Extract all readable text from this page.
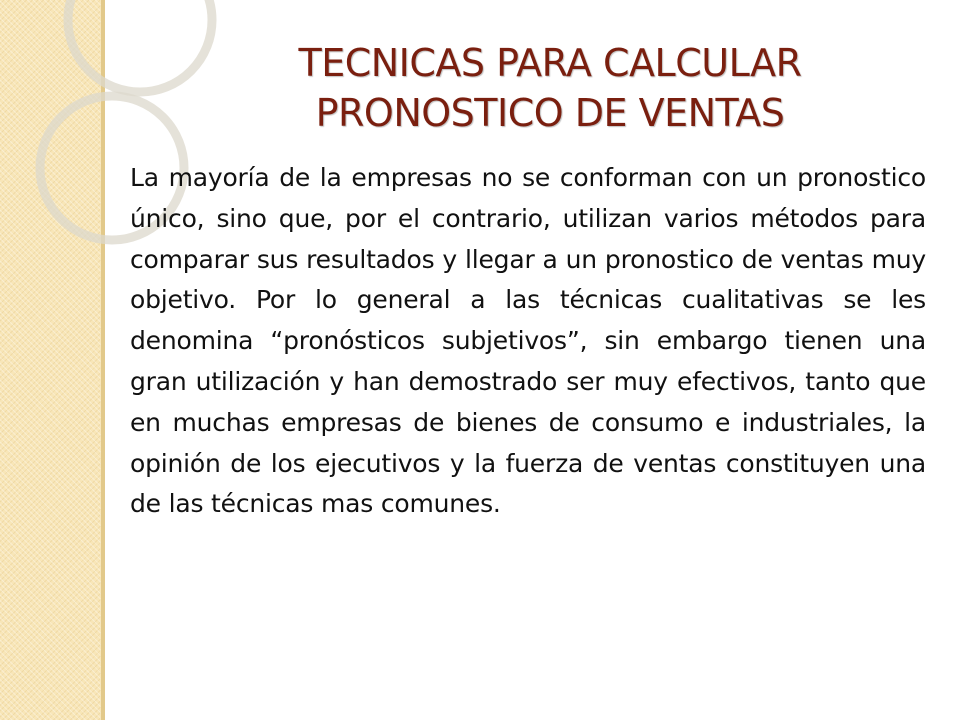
TECNICAS PARA CALCULAR
PRONOSTICO DE VENTAS
La mayoría de la empresas no se conforman con un pronostico único, sino que, por el contrario, utilizan varios métodos para comparar sus resultados y llegar a un pronostico de ventas muy objetivo. Por lo general a las técnicas cualitativas se les denomina “pronósticos subjetivos”, sin embargo tienen una gran utilización y han demostrado ser muy efectivos, tanto que en muchas empresas de bienes de consumo e industriales, la opinión de los ejecutivos y la fuerza de ventas constituyen una de las técnicas mas comunes.
